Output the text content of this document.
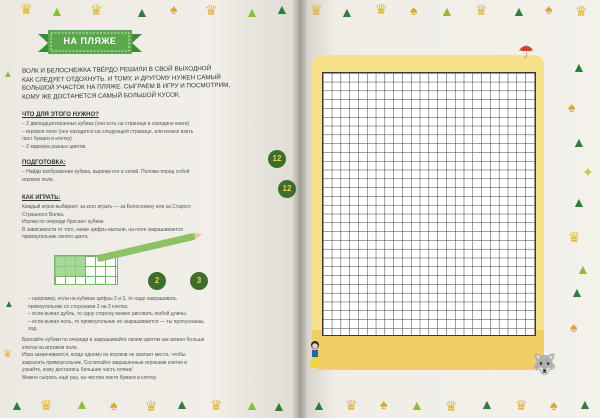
♛ ▲ ♛ ▲ ♠ ♛ ▲ ▲
▲ ♛ ▲ ♠ ♛ ▲ ♛ ▲ ▲
▲
▲
♛
НА ПЛЯЖЕ
ВОЛК И БЕЛОСНЕЖКА ТВЁРДО РЕШИЛИ В СВОЙ ВЫХОДНОЙ
КАК СЛЕДУЕТ ОТДОХНУТЬ. И ТОМУ, И ДРУГОМУ НУЖЕН САМЫЙ
БОЛЬШОЙ УЧАСТОК НА ПЛЯЖЕ. СЫГРАЕМ В ИГРУ И ПОСМОТРИМ,
КОМУ ЖЕ ДОСТАНЕТСЯ САМЫЙ БОЛЬШОЙ КУСОК.
ЧТО ДЛЯ ЭТОГО НУЖНО?
– 2 двенадцатигранных кубика (они есть на странице в середине книги)
– игровое поле (оно находится на следующей странице, или можно взять
лист бумаги в клетку)
– 2 маркера разных цветов.
ПОДГОТОВКА:
– Найди изображение кубика, вырежи его и склей. Положи перед собой
игровое поле.
12
12
КАК ИГРАТЬ:
Каждый игрок выбирает, за кого играть — за Белоснежку или за Старого
Страшного Волка.
Игроки по очереди бросают кубики.
В зависимости от того, какие цифры выпали, на поле закрашивается
прямоугольник своего цвета.
2	3
– например, если на кубиках цифры 2 и 3, то надо закрашивать
прямоугольник со сторонами 2 на 3 клетки.
– если выпал дубль, то одну сторону можно рисовать любой длины.
– если выпал ноль, то прямоугольник не закрашивается — ты пропускаешь
ход.
Бросайте кубики по очереди и закрашивайте своим цветом как можно больше
клеток на игровом поле.
Игра заканчивается, когда одному из игроков не хватает места, чтобы
закрасить прямоугольник. Сосчитайте закрашенные игроками клетки и
узнайте, кому достались большие часть пляжа!
Можно сыграть ещё раз, на чистом листе бумаги в клетку.
♛ ▲ ♛ ♠ ▲ ♛ ▲ ♠ ♛
▲
♠
▲
✦
▲
♛
▲
▲
♠
▲ ♛ ♠ ▲ ♛ ▲ ♛ ♠ ▲
☂
🐺
